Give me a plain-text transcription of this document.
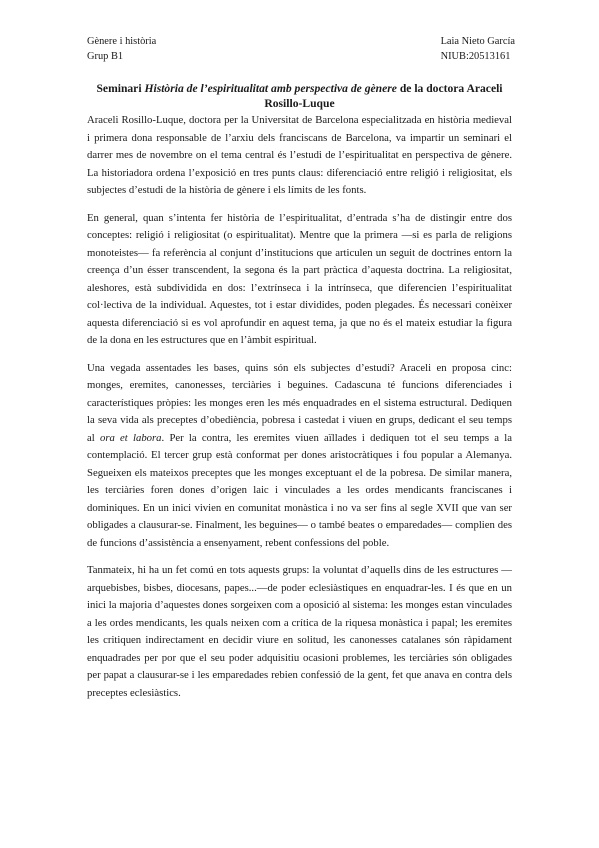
Gènere i història
Grup B1
Laia Nieto García
NIUB:20513161
Seminari Història de l’espiritualitat amb perspectiva de gènere de la doctora Araceli Rosillo-Luque

Araceli Rosillo-Luque, doctora per la Universitat de Barcelona especialitzada en història medieval i primera dona responsable de l’arxiu dels franciscans de Barcelona, va impartir un seminari el darrer mes de novembre on el tema central és l’estudi de l’espiritualitat en perspectiva de gènere. La historiadora ordena l’exposició en tres punts claus: diferenciació entre religió i religiositat, els subjectes d’estudi de la història de gènere i els límits de les fonts.

En general, quan s’intenta fer història de l’espiritualitat, d’entrada s’ha de distingir entre dos conceptes: religió i religiositat (o espiritualitat). Mentre que la primera —si es parla de religions monoteistes— fa referència al conjunt d’institucions que articulen un seguit de doctrines entorn la creença d’un ésser transcendent, la segona és la part pràctica d’aquesta doctrina. La religiositat, aleshores, està subdividida en dos: l’extrínseca i la intrínseca, que diferencien l’espiritualitat col·lectiva de la individual. Aquestes, tot i estar dividides, poden plegades. És necessari conèixer aquesta diferenciació si es vol aprofundir en aquest tema, ja que no és el mateix estudiar la figura de la dona en les estructures que en l’àmbit espiritual.

Una vegada assentades les bases, quins són els subjectes d’estudi? Araceli en proposa cinc: monges, eremites, canonesses, terciàries i beguines. Cadascuna té funcions diferenciades i característiques pròpies: les monges eren les més enquadrades en el sistema estructural. Dediquen la seva vida als preceptes d’obediència, pobresa i castedat i viuen en grups, dedicant el seu temps al ora et labora. Per la contra, les eremites viuen aïllades i dediquen tot el seu temps a la contemplació. El tercer grup està conformat per dones aristocràtiques i fou popular a Alemanya. Segueixen els mateixos preceptes que les monges exceptuant el de la pobresa. De similar manera, les terciàries foren dones d’origen laic i vinculades a les ordes mendicants franciscanes i dominiques. En un inici vivien en comunitat monàstica i no va ser fins al segle XVII que van ser obligades a clausurar-se. Finalment, les beguines— o també beates o emparedades— complien des de funcions d’assistència a ensenyament, rebent confessions del poble.

Tanmateix, hi ha un fet comú en tots aquests grups: la voluntat d’aquells dins de les estructures —arquebisbes, bisbes, diocesans, papes...—de poder eclesiàstiques en enquadrar-les. I és que en un inici la majoria d’aquestes dones sorgeixen com a oposició al sistema: les monges estan vinculades a les ordes mendicants, les quals neixen com a crítica de la riquesa monàstica i papal; les eremites les critiquen indirectament en decidir viure en solitud, les canonesses catalanes són ràpidament enquadrades per por que el seu poder adquisitiu ocasioni problemes, les terciàries són obligades per papat a clausurar-se i les emparedades rebien confessió de la gent, fet que anava en contra dels preceptes eclesiàstics.
